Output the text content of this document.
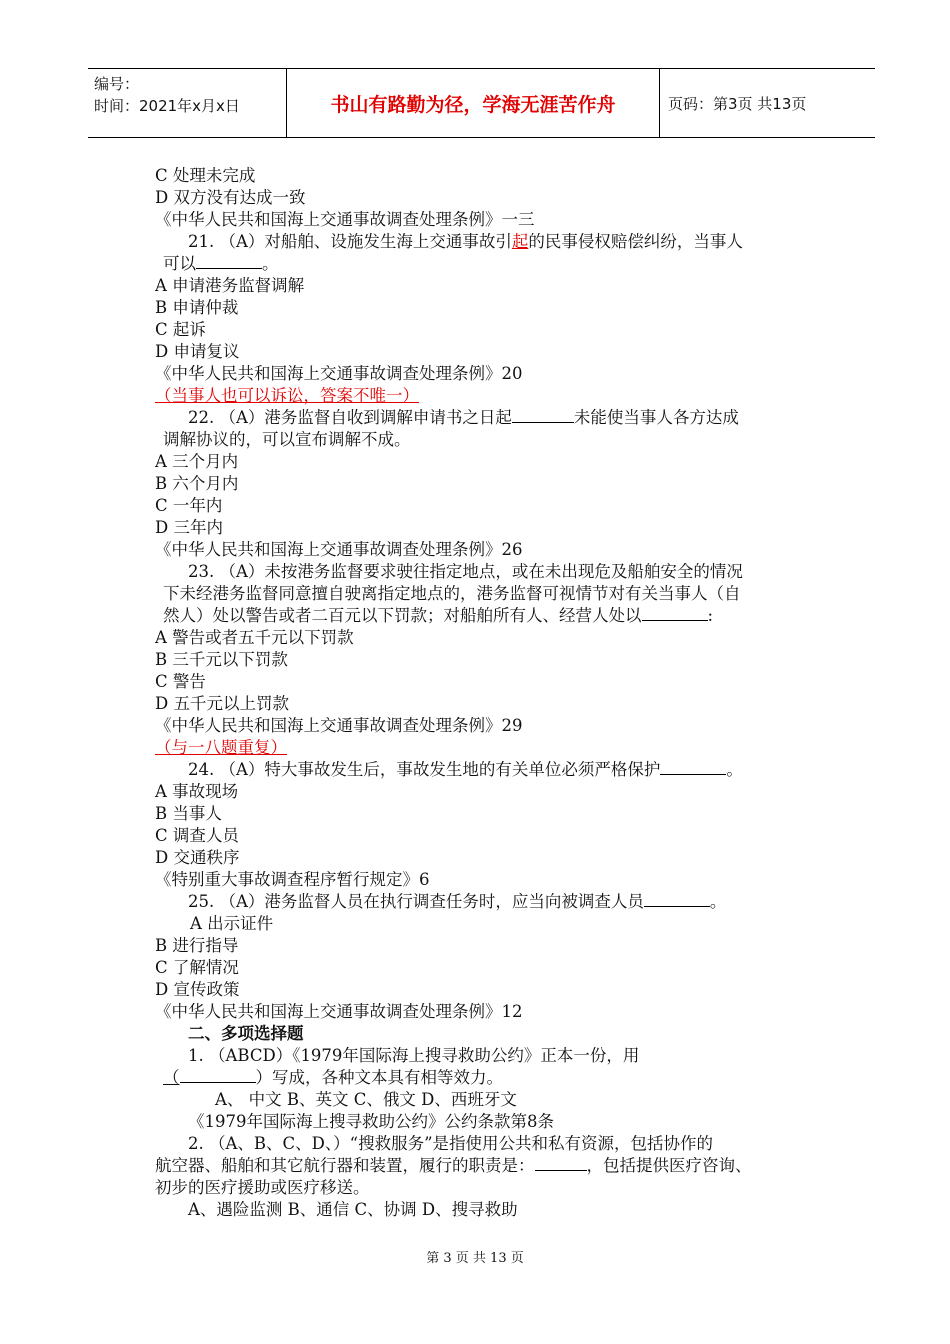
编号：
时间：2021年x月x日	书山有路勤为径，学海无涯苦作舟	页码：第3页 共13页
C 处理未完成
D 双方没有达成一致
《中华人民共和国海上交通事故调查处理条例》一三
21. （A）对船舶、设施发生海上交通事故引起的民事侵权赔偿纠纷，当事人
可以	。
A 申请港务监督调解
B 申请仲裁
C 起诉
D 申请复议
《中华人民共和国海上交通事故调查处理条例》20
（当事人也可以诉讼，答案不唯一）
22. （A）港务监督自收到调解申请书之日起	未能使当事人各方达成
调解协议的，可以宣布调解不成。
A 三个月内
B 六个月内
C 一年内
D 三年内
《中华人民共和国海上交通事故调查处理条例》26
23. （A）未按港务监督要求驶往指定地点，或在未出现危及船舶安全的情况
下未经港务监督同意擅自驶离指定地点的，港务监督可视情节对有关当事人（自
然人）处以警告或者二百元以下罚款；对船舶所有人、经营人处以	:
A 警告或者五千元以下罚款
B 三千元以下罚款
C 警告
D 五千元以上罚款
《中华人民共和国海上交通事故调查处理条例》29
（与一八题重复）
24. （A）特大事故发生后，事故发生地的有关单位必须严格保护	。
A 事故现场
B 当事人
C 调查人员
D 交通秩序
《特别重大事故调查程序暂行规定》6
25. （A）港务监督人员在执行调查任务时，应当向被调查人员	。
A 出示证件
B 进行指导
C 了解情况
D 宣传政策
《中华人民共和国海上交通事故调查处理条例》12
二、多项选择题
1. （ABCD）《1979年国际海上搜寻救助公约》正本一份，用
（	）写成，各种文本具有相等效力。
A、 中文 B、英文 C、俄文 D、西班牙文
《1979年国际海上搜寻救助公约》公约条款第8条
2. （A、B、C、D、）“搜救服务”是指使用公共和私有资源，包括协作的
航空器、船舶和其它航行器和装置，履行的职责是：	，包括提供医疗咨询、
初步的医疗援助或医疗移送。
A、遇险监测 B、通信 C、协调 D、搜寻救助
第 3 页 共 13 页
